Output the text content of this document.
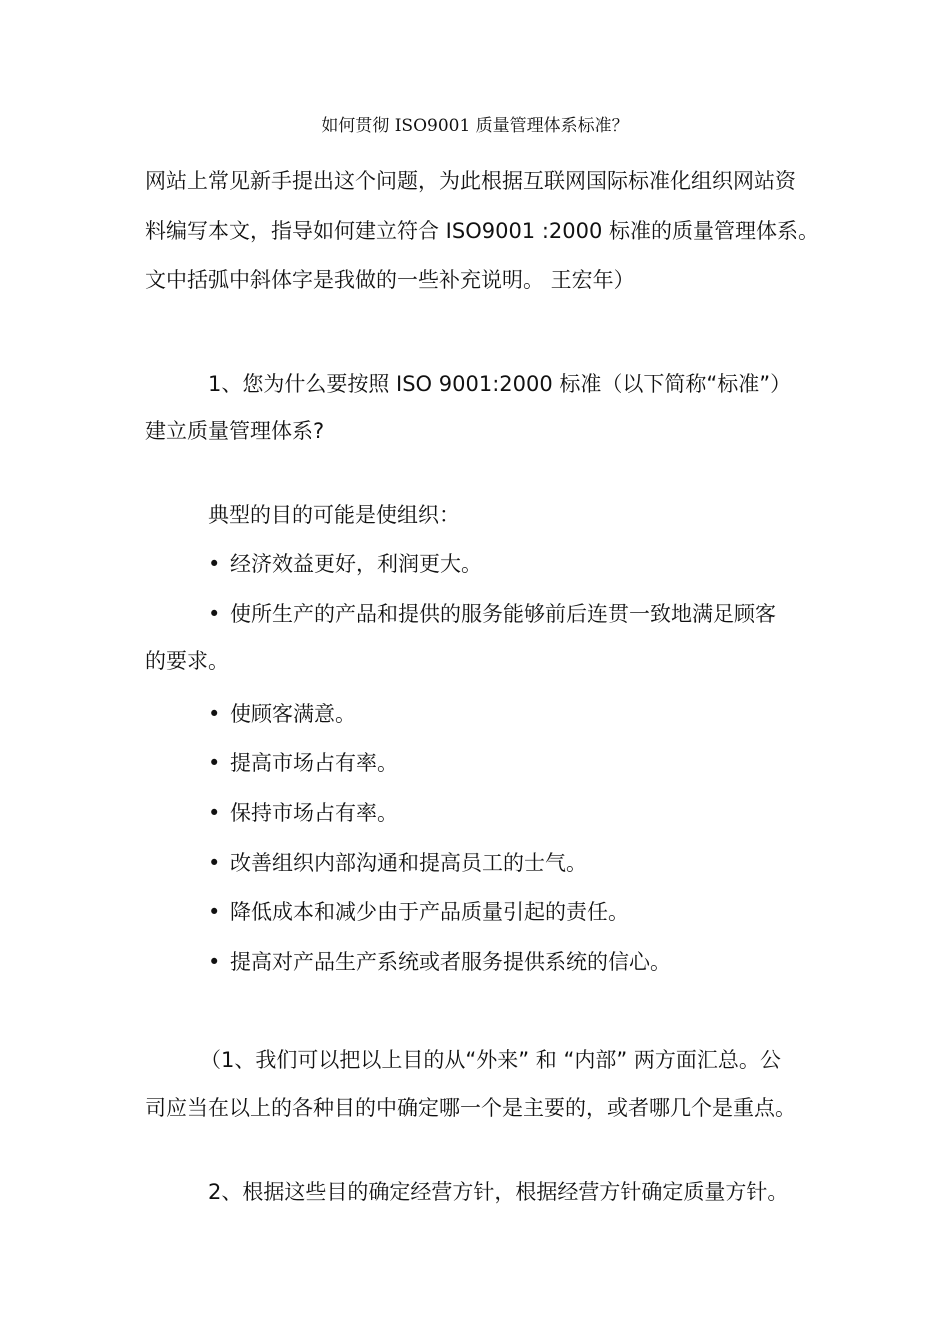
如何贯彻 ISO9001 质量管理体系标准？
网站上常见新手提出这个问题，为此根据互联网国际标准化组织网站资
料编写本文，指导如何建立符合 ISO9001 :2000 标准的质量管理体系。
文中括弧中斜体字是我做的一些补充说明。 王宏年）
1、您为什么要按照 ISO 9001:2000 标准（以下简称“标准”）
建立质量管理体系?
典型的目的可能是使组织：
• 经济效益更好，利润更大。
• 使所生产的产品和提供的服务能够前后连贯一致地满足顾客
的要求。
• 使顾客满意。
• 提高市场占有率。
• 保持市场占有率。
• 改善组织内部沟通和提高员工的士气。
• 降低成本和减少由于产品质量引起的责任。
• 提高对产品生产系统或者服务提供系统的信心。
（1、我们可以把以上目的从“外来” 和 “内部” 两方面汇总。公
司应当在以上的各种目的中确定哪一个是主要的，或者哪几个是重点。
2、根据这些目的确定经营方针，根据经营方针确定质量方针。
